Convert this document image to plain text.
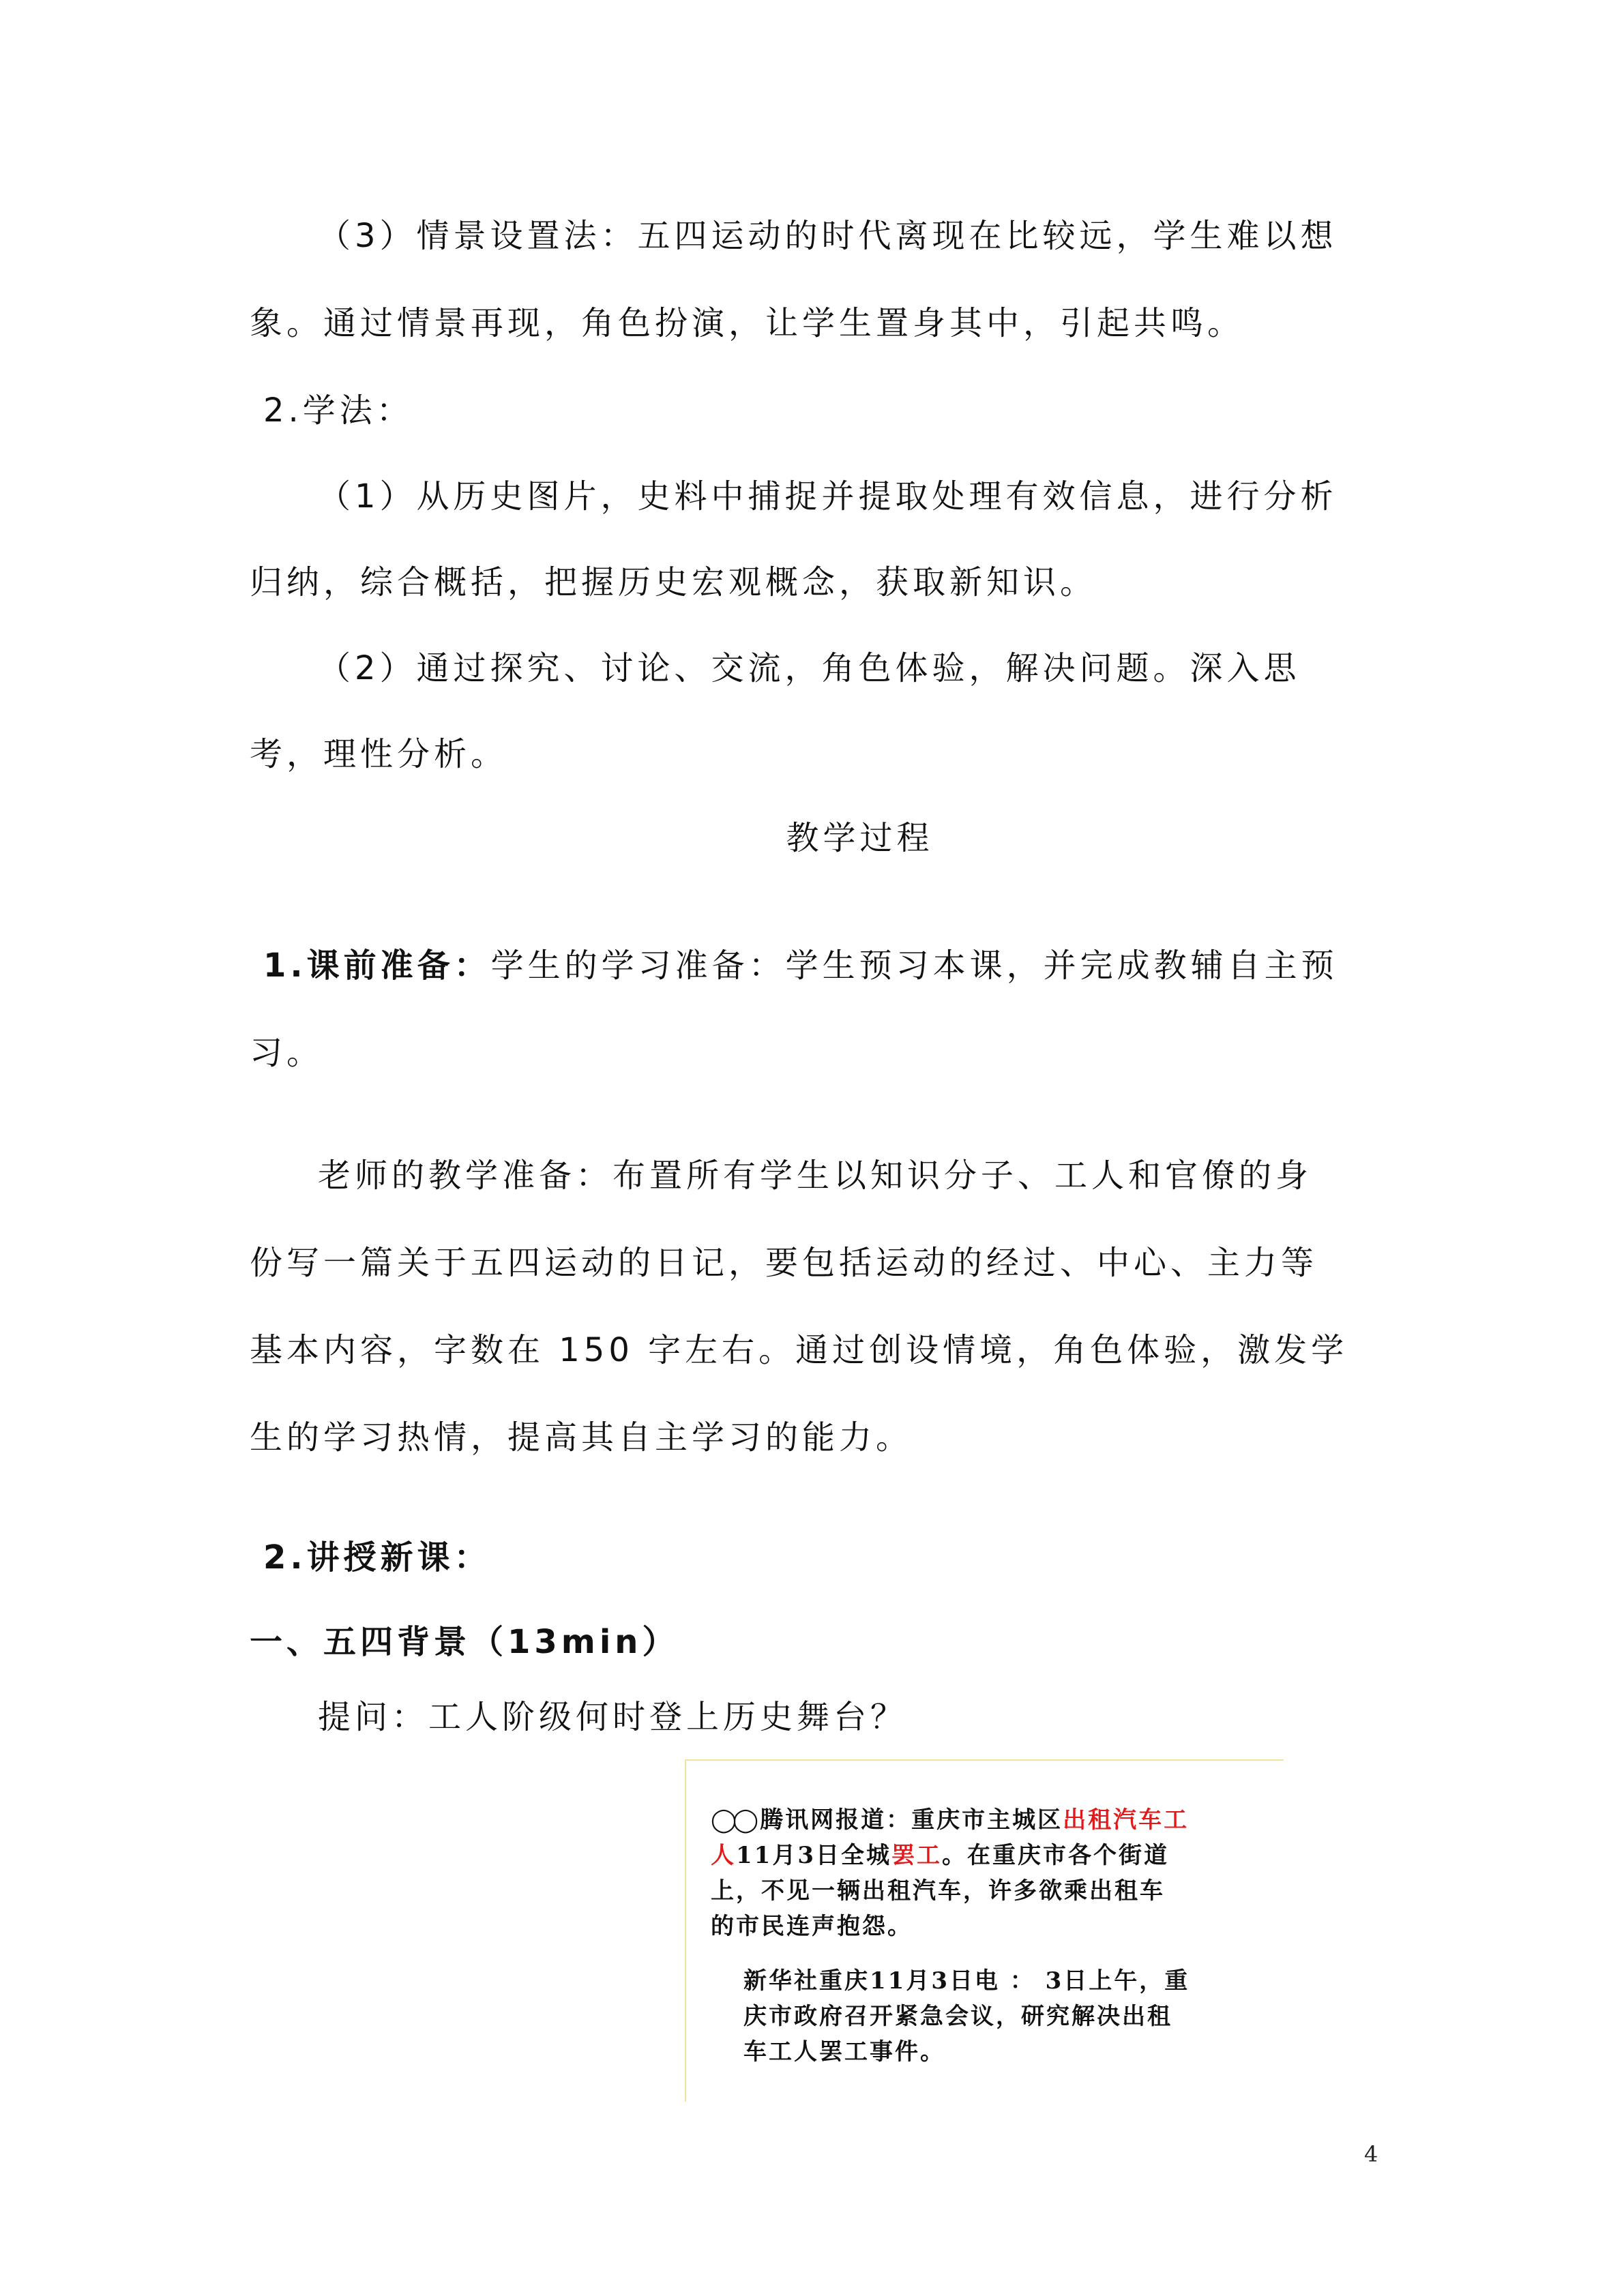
（3）情景设置法：五四运动的时代离现在比较远，学生难以想
象。通过情景再现，角色扮演，让学生置身其中，引起共鸣。
2.学法：
（1）从历史图片，史料中捕捉并提取处理有效信息，进行分析
归纳，综合概括，把握历史宏观概念，获取新知识。
（2）通过探究、讨论、交流，角色体验，解决问题。深入思
考，理性分析。
教学过程
1.课前准备：学生的学习准备：学生预习本课，并完成教辅自主预
习。
老师的教学准备：布置所有学生以知识分子、工人和官僚的身
份写一篇关于五四运动的日记，要包括运动的经过、中心、主力等
基本内容，字数在 150 字左右。通过创设情境，角色体验，激发学
生的学习热情，提高其自主学习的能力。
2.讲授新课：
一、五四背景（13min）
提问：工人阶级何时登上历史舞台？
◯◯ 腾讯网报道：重庆市主城区出租汽车工
人11月3日全城罢工。在重庆市各个街道
上，不见一辆出租汽车，许多欲乘出租车
的市民连声抱怨。
新华社重庆11月3日电 ： 3日上午，重
庆市政府召开紧急会议，研究解决出租
车工人罢工事件。
4
